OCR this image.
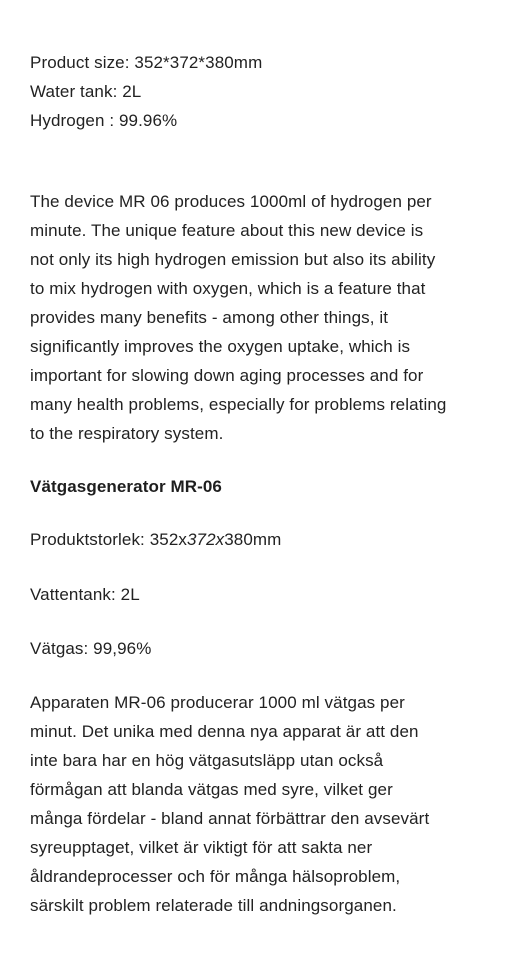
Product size: 352*372*380mm
Water tank: 2L
Hydrogen : 99.96%
The device MR 06 produces 1000ml of hydrogen per
minute. The unique feature about this new device is
not only its high hydrogen emission but also its ability
to mix hydrogen with oxygen, which is a feature that
provides many benefits - among other things, it
significantly improves the oxygen uptake, which is
important for slowing down aging processes and for
many health problems, especially for problems relating
to the respiratory system.
Vätgasgenerator MR-06
Produktstorlek: 352x372x380mm
Vattentank: 2L
Vätgas: 99,96%
Apparaten MR-06 producerar 1000 ml vätgas per
minut. Det unika med denna nya apparat är att den
inte bara har en hög vätgasutsläpp utan också
förmågan att blanda vätgas med syre, vilket ger
många fördelar - bland annat förbättrar den avsevärt
syreupptaget, vilket är viktigt för att sakta ner
åldrandeprocesser och för många hälsoproblem,
särskilt problem relaterade till andningsorganen.
